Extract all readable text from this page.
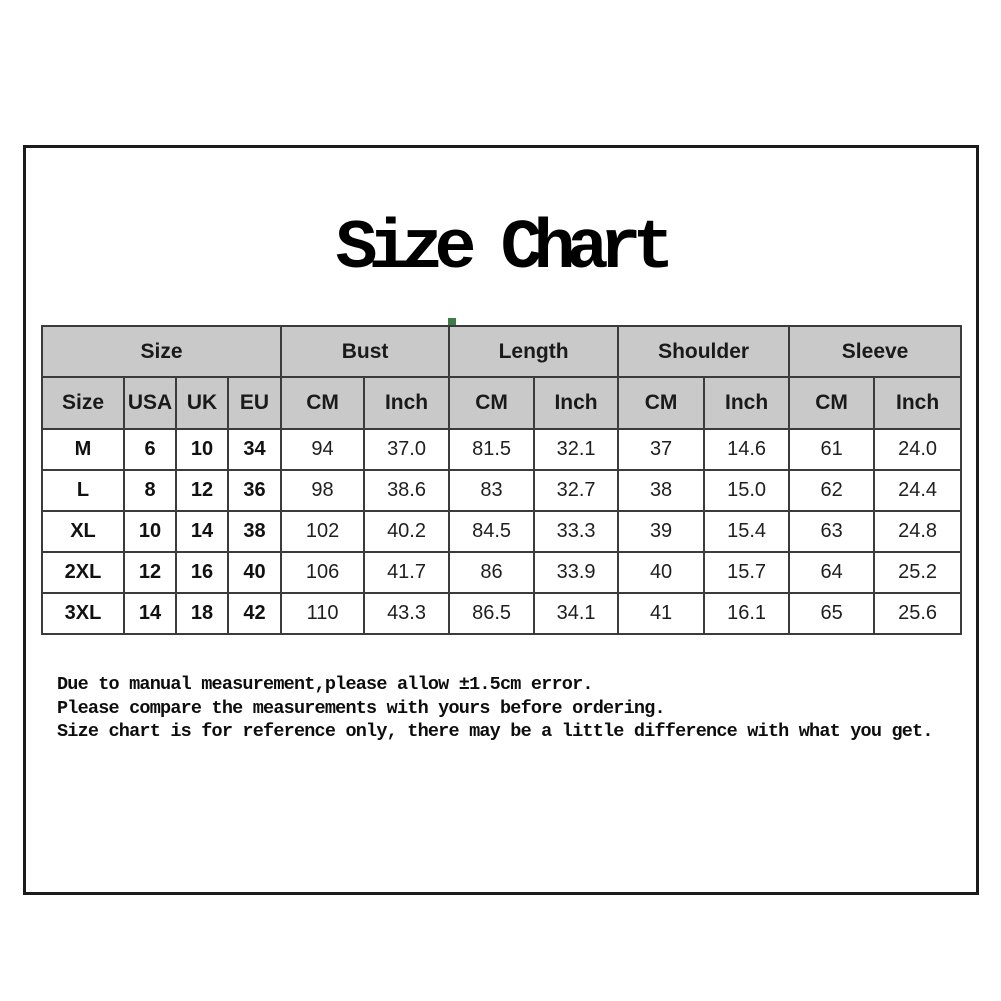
Size Chart
Size				Bust		Length		Shoulder		Sleeve	
Size	USA	UK	EU	CM	Inch	CM	Inch	CM	Inch	CM	Inch
M	6	10	34	94	37.0	81.5	32.1	37	14.6	61	24.0
L	8	12	36	98	38.6	83	32.7	38	15.0	62	24.4
XL	10	14	38	102	40.2	84.5	33.3	39	15.4	63	24.8
2XL	12	16	40	106	41.7	86	33.9	40	15.7	64	25.2
3XL	14	18	42	110	43.3	86.5	34.1	41	16.1	65	25.6

Due to manual measurement,please allow ±1.5cm error.

Please compare the measurements with yours before ordering.

Size chart is for reference only, there may be a little difference with what you get.
